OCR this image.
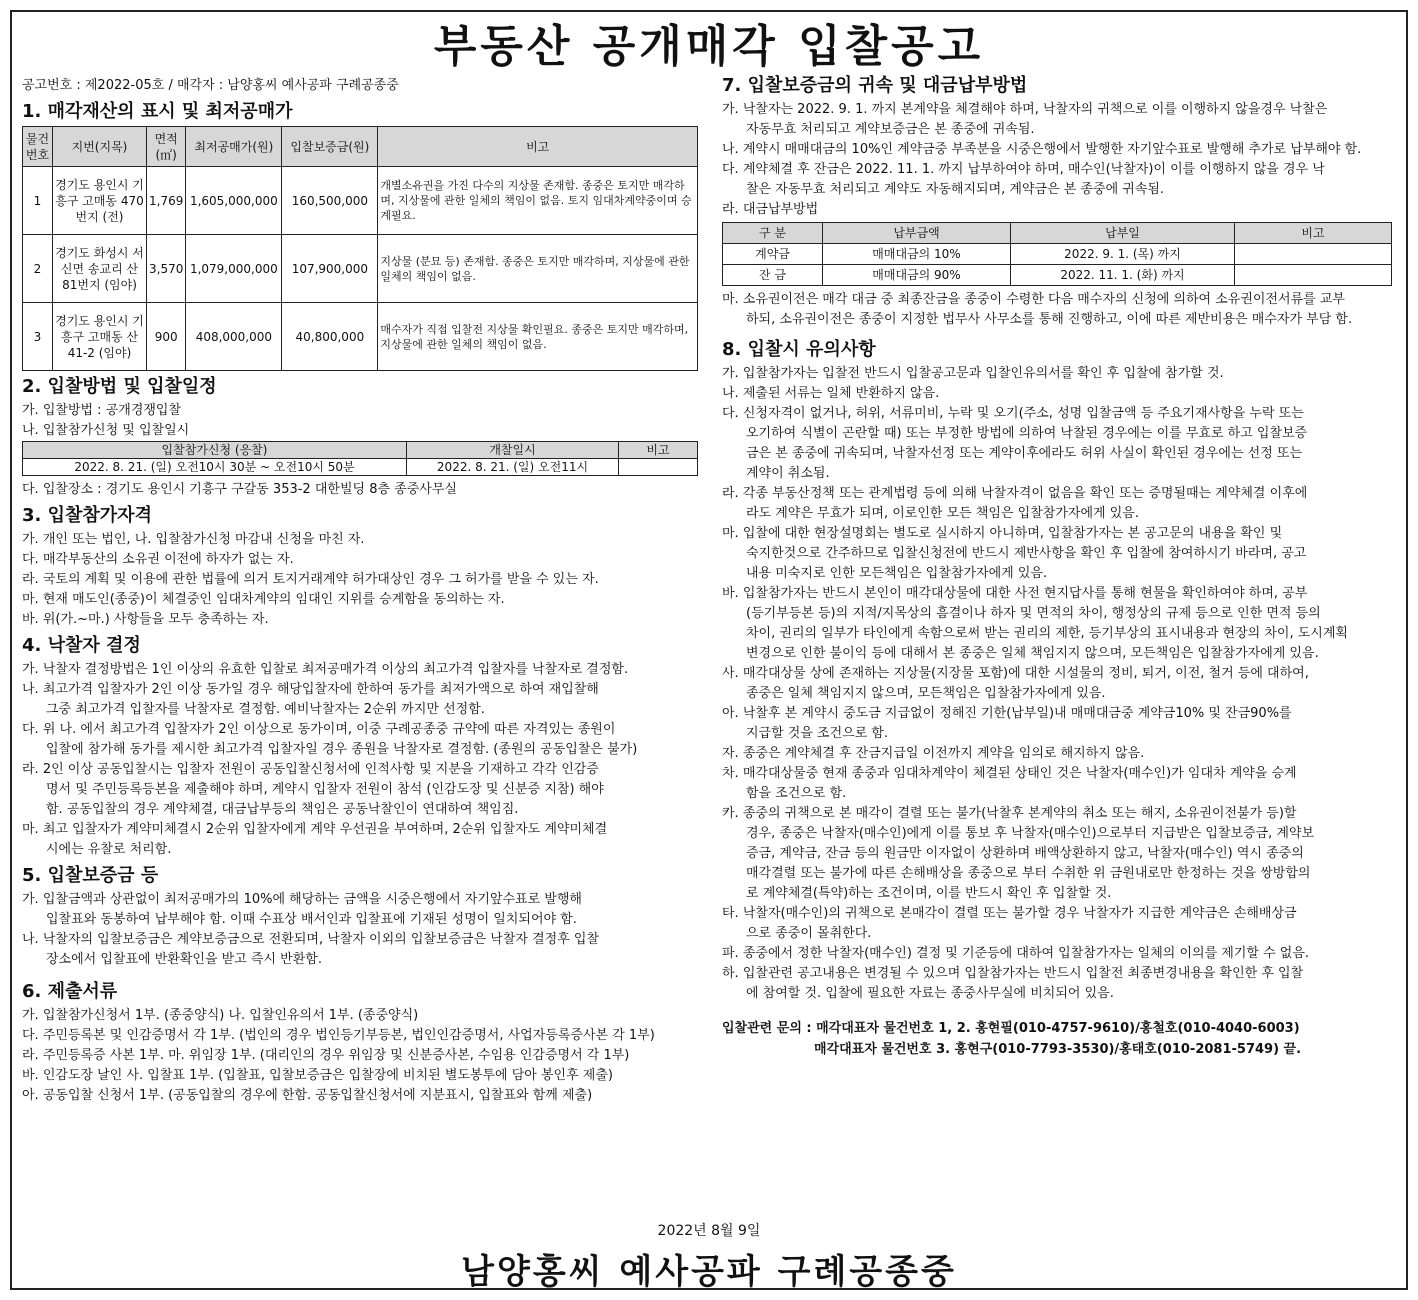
부동산 공개매각 입찰공고
공고번호 : 제2022-05호 / 매각자 : 남양홍씨 예사공파 구례공종중
1. 매각재산의 표시 및 최저공매가
물건번호	지번(지목)	면적(㎡)	최저공매가(원)	입찰보증금(원)	비고
1	경기도 용인시 기흥구 고매동 470번지 (전)	1,769	1,605,000,000	160,500,000	개별소유권을 가진 다수의 지상물 존재함. 종중은 토지만 매각하며, 지상물에 관한 일체의 책임이 없음. 토지 임대차계약중이며 승계필요.
2	경기도 화성시 서신면 송교리 산81번지 (임야)	3,570	1,079,000,000	107,900,000	지상물 (분묘 등) 존재함. 종중은 토지만 매각하며, 지상물에 관한 일체의 책임이 없음.
3	경기도 용인시 기흥구 고매동 산41-2 (임야)	900	408,000,000	40,800,000	매수자가 직접 입찰전 지상물 확인필요. 종중은 토지만 매각하며, 지상물에 관한 일체의 책임이 없음.
2. 입찰방법 및 입찰일정
가. 입찰방법 : 공개경쟁입찰
나. 입찰참가신청 및 입찰일시
입찰참가신청 (응찰)	개찰일시	비고
2022. 8. 21. (일) 오전10시 30분 ~ 오전10시 50분	2022. 8. 21. (일) 오전11시	
다. 입찰장소 : 경기도 용인시 기흥구 구갈동 353-2 대한빌딩 8층 종중사무실
3. 입찰참가자격
가. 개인 또는 법인, 나. 입찰참가신청 마감내 신청을 마친 자.
다. 매각부동산의 소유권 이전에 하자가 없는 자.
라. 국토의 계획 및 이용에 관한 법률에 의거 토지거래계약 허가대상인 경우 그 허가를 받을 수 있는 자.
마. 현재 매도인(종중)이 체결중인 임대차계약의 임대인 지위를 승계함을 동의하는 자.
바. 위(가.~마.) 사항들을 모두 충족하는 자.
4. 낙찰자 결정
가. 낙찰자 결정방법은 1인 이상의 유효한 입찰로 최저공매가격 이상의 최고가격 입찰자를 낙찰자로 결정함.
나. 최고가격 입찰자가 2인 이상 동가일 경우 해당입찰자에 한하여 동가를 최저가액으로 하여 재입찰해
그중 최고가격 입찰자를 낙찰자로 결정함. 예비낙찰자는 2순위 까지만 선정함.
다. 위 나. 에서 최고가격 입찰자가 2인 이상으로 동가이며, 이중 구례공종중 규약에 따른 자격있는 종원이
입찰에 참가해 동가를 제시한 최고가격 입찰자일 경우 종원을 낙찰자로 결정함. (종원의 공동입찰은 불가)
라. 2인 이상 공동입찰시는 입찰자 전원이 공동입찰신청서에 인적사항 및 지분을 기재하고 각각 인감증
명서 및 주민등록등본을 제출해야 하며, 계약시 입찰자 전원이 참석 (인감도장 및 신분증 지참) 해야
함. 공동입찰의 경우 계약체결, 대금납부등의 책임은 공동낙찰인이 연대하여 책임짐.
마. 최고 입찰자가 계약미체결시 2순위 입찰자에게 계약 우선권을 부여하며, 2순위 입찰자도 계약미체결
시에는 유찰로 처리함.
5. 입찰보증금 등
가. 입찰금액과 상관없이 최저공매가의 10%에 해당하는 금액을 시중은행에서 자기앞수표로 발행해
입찰표와 동봉하여 납부해야 함. 이때 수표상 배서인과 입찰표에 기재된 성명이 일치되어야 함.
나. 낙찰자의 입찰보증금은 계약보증금으로 전환되며, 낙찰자 이외의 입찰보증금은 낙찰자 결정후 입찰
장소에서 입찰표에 반환확인을 받고 즉시 반환함.
6. 제출서류
가. 입찰참가신청서 1부. (종중양식) 나. 입찰인유의서 1부. (종중양식)
다. 주민등록본 및 인감증명서 각 1부. (법인의 경우 법인등기부등본, 법인인감증명서, 사업자등록증사본 각 1부)
라. 주민등록증 사본 1부. 마. 위임장 1부. (대리인의 경우 위임장 및 신분증사본, 수임용 인감증명서 각 1부)
바. 인감도장 날인 사. 입찰표 1부. (입찰표, 입찰보증금은 입찰장에 비치된 별도봉투에 담아 봉인후 제출)
아. 공동입찰 신청서 1부. (공동입찰의 경우에 한함. 공동입찰신청서에 지분표시, 입찰표와 함께 제출)
7. 입찰보증금의 귀속 및 대금납부방법
가. 낙찰자는 2022. 9. 1. 까지 본계약을 체결해야 하며, 낙찰자의 귀책으로 이를 이행하지 않을경우 낙찰은
자동무효 처리되고 계약보증금은 본 종중에 귀속됨.
나. 계약시 매매대금의 10%인 계약금중 부족분을 시중은행에서 발행한 자기앞수표로 발행해 추가로 납부해야 함.
다. 계약체결 후 잔금은 2022. 11. 1. 까지 납부하여야 하며, 매수인(낙찰자)이 이를 이행하지 않을 경우 낙
찰은 자동무효 처리되고 계약도 자동해지되며, 계약금은 본 종중에 귀속됨.
라. 대금납부방법
구 분	납부금액	납부일	비고
계약금	매매대금의 10%	2022. 9. 1. (목) 까지	
잔 금	매매대금의 90%	2022. 11. 1. (화) 까지	
마. 소유권이전은 매각 대금 중 최종잔금을 종중이 수령한 다음 매수자의 신청에 의하여 소유권이전서류를 교부
하되, 소유권이전은 종중이 지정한 법무사 사무소를 통해 진행하고, 이에 따른 제반비용은 매수자가 부담 함.
8. 입찰시 유의사항
가. 입찰참가자는 입찰전 반드시 입찰공고문과 입찰인유의서를 확인 후 입찰에 참가할 것.
나. 제출된 서류는 일체 반환하지 않음.
다. 신청자격이 없거나, 허위, 서류미비, 누락 및 오기(주소, 성명 입찰금액 등 주요기재사항을 누락 또는
오기하여 식별이 곤란할 때) 또는 부정한 방법에 의하여 낙찰된 경우에는 이를 무효로 하고 입찰보증
금은 본 종중에 귀속되며, 낙찰자선정 또는 계약이후에라도 허위 사실이 확인된 경우에는 선정 또는
계약이 취소됨.
라. 각종 부동산정책 또는 관계법령 등에 의해 낙찰자격이 없음을 확인 또는 증명될때는 계약체결 이후에
라도 계약은 무효가 되며, 이로인한 모든 책임은 입찰참가자에게 있음.
마. 입찰에 대한 현장설명회는 별도로 실시하지 아니하며, 입찰참가자는 본 공고문의 내용을 확인 및
숙지한것으로 간주하므로 입찰신청전에 반드시 제반사항을 확인 후 입찰에 참여하시기 바라며, 공고
내용 미숙지로 인한 모든책임은 입찰참가자에게 있음.
바. 입찰참가자는 반드시 본인이 매각대상물에 대한 사전 현지답사를 통해 현물을 확인하여야 하며, 공부
(등기부등본 등)의 지적/지목상의 흠결이나 하자 및 면적의 차이, 행정상의 규제 등으로 인한 면적 등의
차이, 권리의 일부가 타인에게 속함으로써 받는 권리의 제한, 등기부상의 표시내용과 현장의 차이, 도시계획
변경으로 인한 불이익 등에 대해서 본 종중은 일체 책임지지 않으며, 모든책임은 입찰참가자에게 있음.
사. 매각대상물 상에 존재하는 지상물(지장물 포함)에 대한 시설물의 정비, 퇴거, 이전, 철거 등에 대하여,
종중은 일체 책임지지 않으며, 모든책임은 입찰참가자에게 있음.
아. 낙찰후 본 계약시 중도금 지급없이 정해진 기한(납부일)내 매매대금중 계약금10% 및 잔금90%를
지급할 것을 조건으로 함.
자. 종중은 계약체결 후 잔금지급일 이전까지 계약을 임의로 해지하지 않음.
차. 매각대상물중 현재 종중과 임대차계약이 체결된 상태인 것은 낙찰자(매수인)가 임대차 계약을 승계
함을 조건으로 함.
카. 종중의 귀책으로 본 매각이 결렬 또는 불가(낙찰후 본계약의 취소 또는 해지, 소유권이전불가 등)할
경우, 종중은 낙찰자(매수인)에게 이를 통보 후 낙찰자(매수인)으로부터 지급받은 입찰보증금, 계약보
증금, 계약금, 잔금 등의 원금만 이자없이 상환하며 배액상환하지 않고, 낙찰자(매수인) 역시 종중의
매각결렬 또는 불가에 따른 손해배상을 종중으로 부터 수취한 위 금원내로만 한정하는 것을 쌍방합의
로 계약체결(특약)하는 조건이며, 이를 반드시 확인 후 입찰할 것.
타. 낙찰자(매수인)의 귀책으로 본매각이 결렬 또는 불가할 경우 낙찰자가 지급한 계약금은 손해배상금
으로 종중이 몰취한다.
파. 종중에서 정한 낙찰자(매수인) 결정 및 기준등에 대하여 입찰참가자는 일체의 이의를 제기할 수 없음.
하. 입찰관련 공고내용은 변경될 수 있으며 입찰참가자는 반드시 입찰전 최종변경내용을 확인한 후 입찰
에 참여할 것. 입찰에 필요한 자료는 종중사무실에 비치되어 있음.
입찰관련 문의 : 매각대표자 물건번호 1, 2. 홍현필(010-4757-9610)/홍철호(010-4040-6003)
매각대표자 물건번호 3. 홍현구(010-7793-3530)/홍태호(010-2081-5749) 끝.
2022년 8월 9일
남양홍씨 예사공파 구례공종중
